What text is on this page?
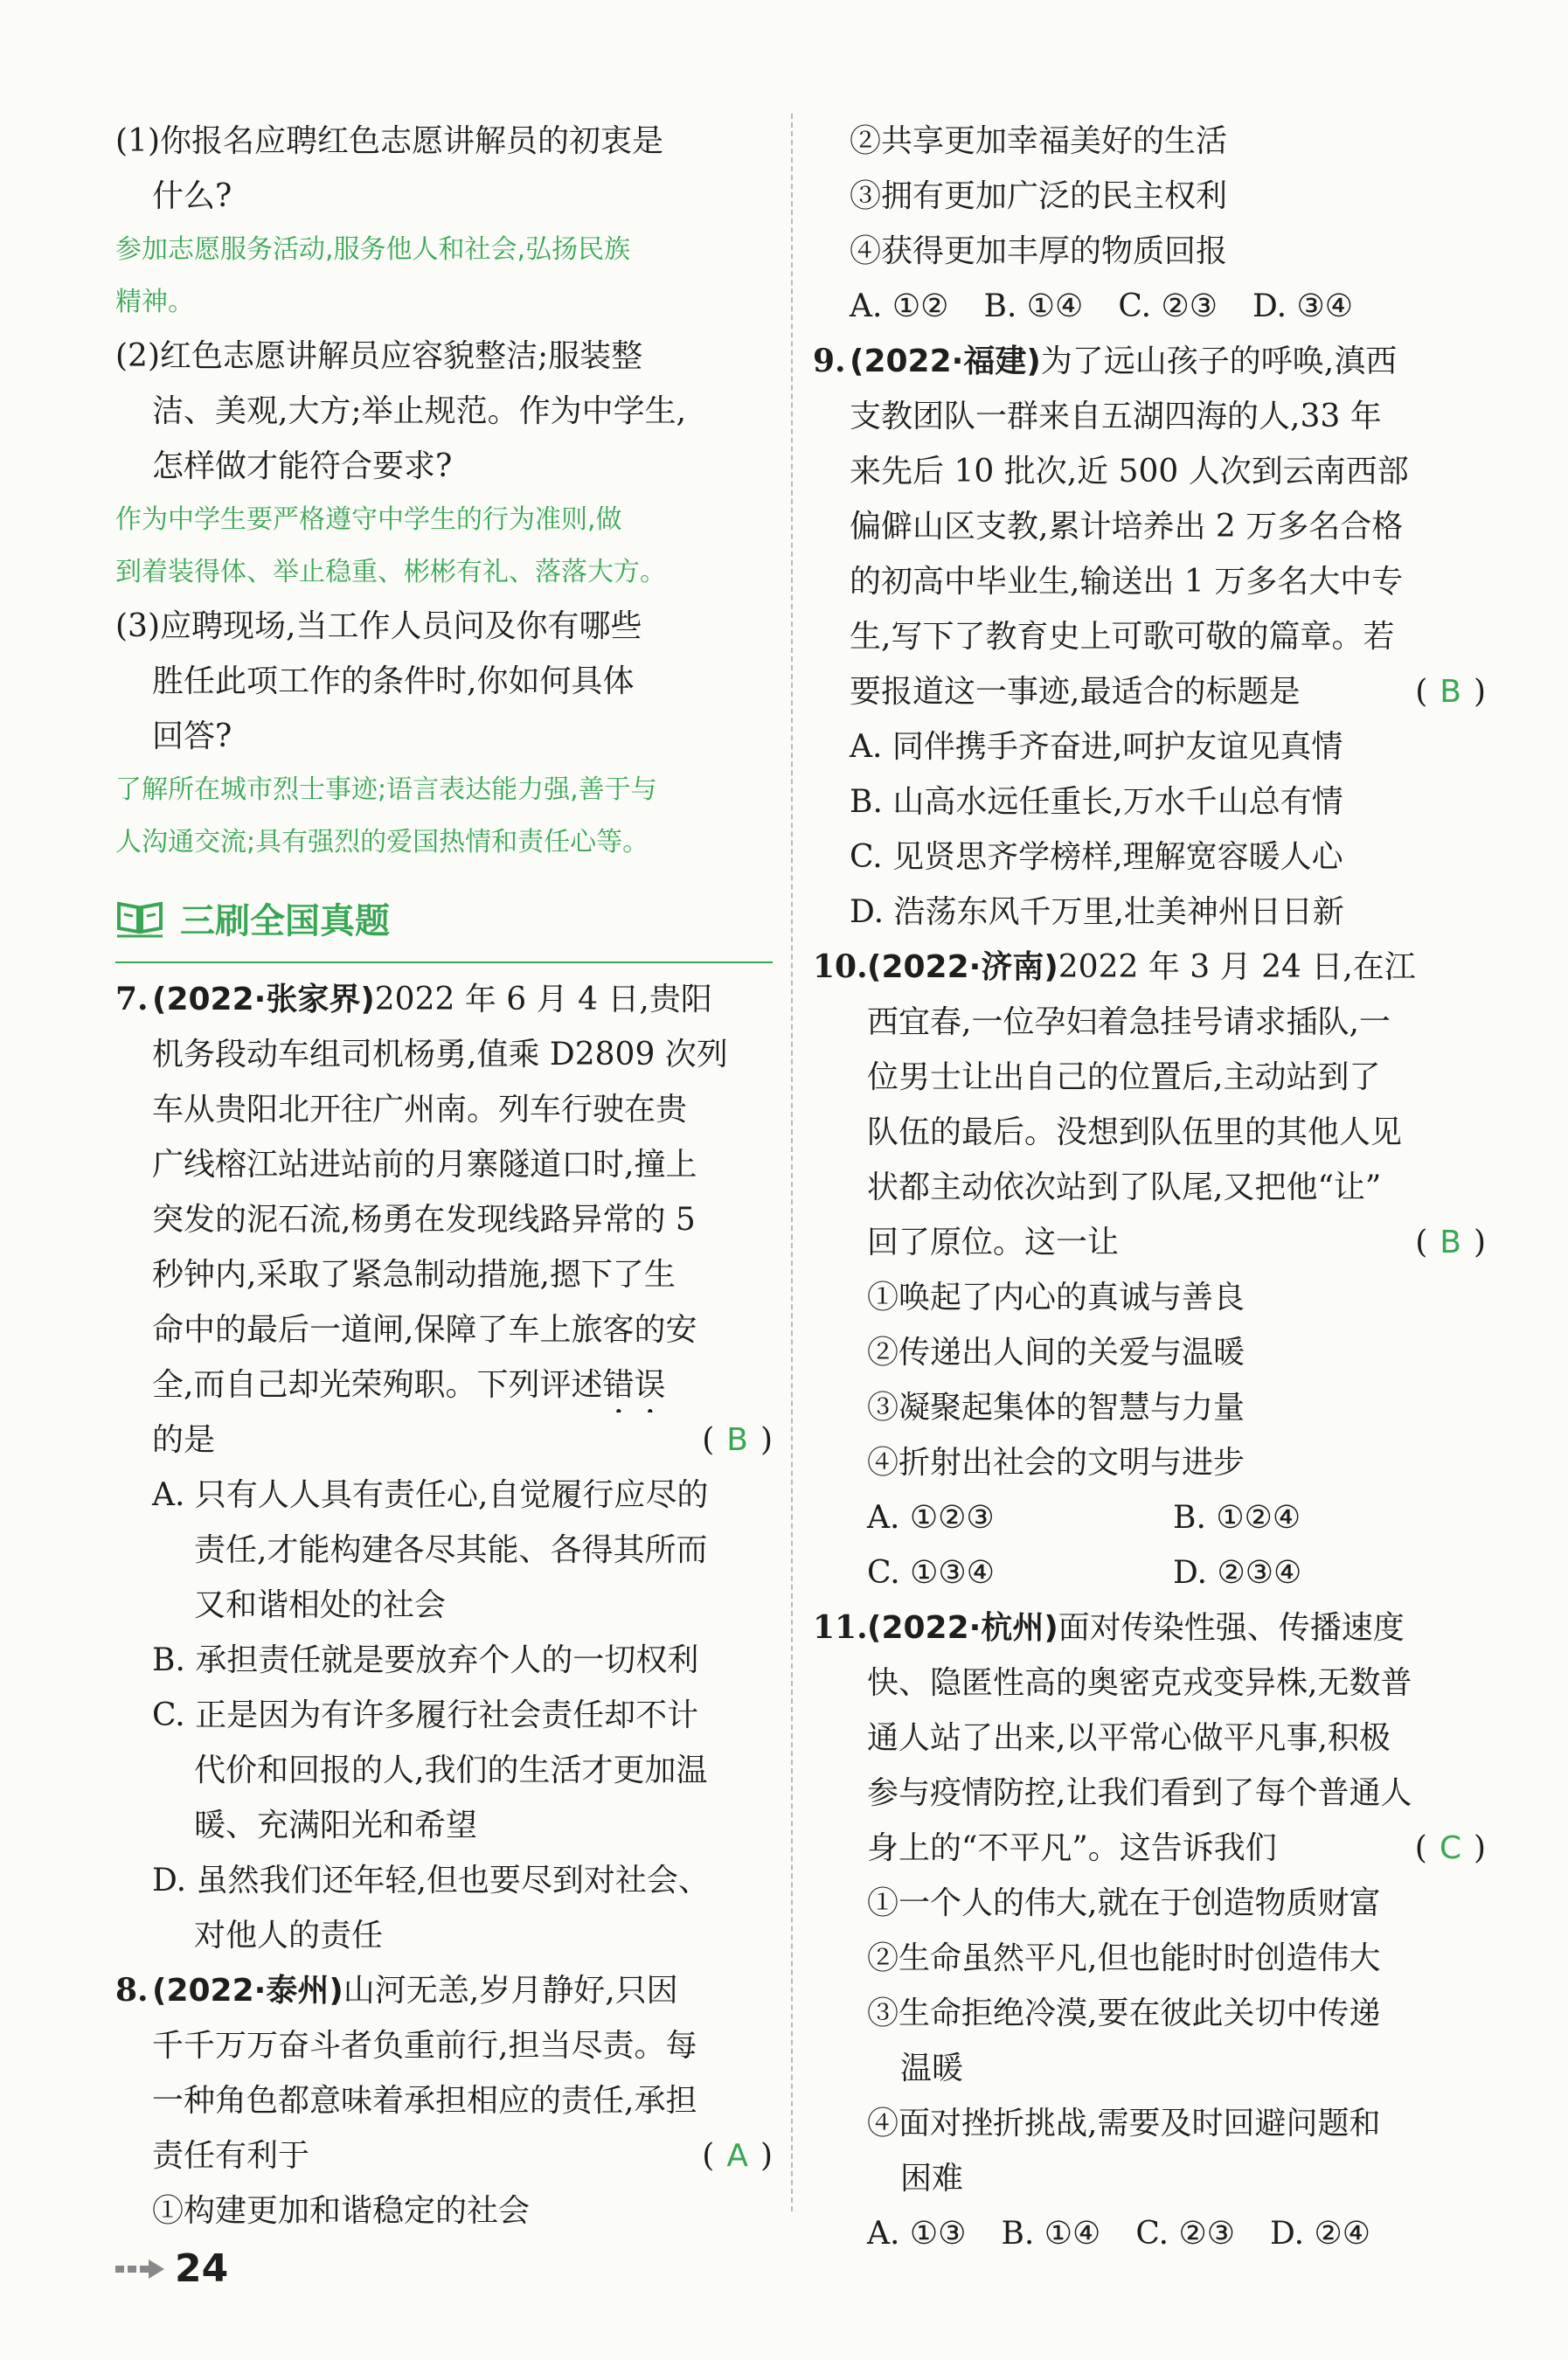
(1)你报名应聘红色志愿讲解员的初衷是
什么?
参加志愿服务活动,服务他人和社会,弘扬民族
精神。
(2)红色志愿讲解员应容貌整洁;服装整
洁、美观,大方;举止规范。作为中学生,
怎样做才能符合要求?
作为中学生要严格遵守中学生的行为准则,做
到着装得体、举止稳重、彬彬有礼、落落大方。
(3)应聘现场,当工作人员问及你有哪些
胜任此项工作的条件时,你如何具体
回答?
了解所在城市烈士事迹;语言表达能力强,善于与
人沟通交流;具有强烈的爱国热情和责任心等。
三刷全国真题
7. (2022·张家界)2022 年 6 月 4 日,贵阳
机务段动车组司机杨勇,值乘 D2809 次列
车从贵阳北开往广州南。列车行驶在贵
广线榕江站进站前的月寨隧道口时,撞上
突发的泥石流,杨勇在发现线路异常的 5
秒钟内,采取了紧急制动措施,摁下了生
命中的最后一道闸,保障了车上旅客的安
全,而自己却光荣殉职。下列评述错误
的是	( B )
A. 只有人人具有责任心,自觉履行应尽的
责任,才能构建各尽其能、各得其所而
又和谐相处的社会
B. 承担责任就是要放弃个人的一切权利
C. 正是因为有许多履行社会责任却不计
代价和回报的人,我们的生活才更加温
暖、充满阳光和希望
D. 虽然我们还年轻,但也要尽到对社会、
对他人的责任
8. (2022·泰州)山河无恙,岁月静好,只因
千千万万奋斗者负重前行,担当尽责。每
一种角色都意味着承担相应的责任,承担
责任有利于	( A )
①构建更加和谐稳定的社会
②共享更加幸福美好的生活
③拥有更加广泛的民主权利
④获得更加丰厚的物质回报
A. ①② B. ①④ C. ②③ D. ③④
9. (2022·福建)为了远山孩子的呼唤,滇西
支教团队一群来自五湖四海的人,33 年
来先后 10 批次,近 500 人次到云南西部
偏僻山区支教,累计培养出 2 万多名合格
的初高中毕业生,输送出 1 万多名大中专
生,写下了教育史上可歌可敬的篇章。若
要报道这一事迹,最适合的标题是	( B )
A. 同伴携手齐奋进,呵护友谊见真情
B. 山高水远任重长,万水千山总有情
C. 见贤思齐学榜样,理解宽容暖人心
D. 浩荡东风千万里,壮美神州日日新
10. (2022·济南)2022 年 3 月 24 日,在江
西宜春,一位孕妇着急挂号请求插队,一
位男士让出自己的位置后,主动站到了
队伍的最后。没想到队伍里的其他人见
状都主动依次站到了队尾,又把他“让”
回了原位。这一让	( B )
①唤起了内心的真诚与善良
②传递出人间的关爱与温暖
③凝聚起集体的智慧与力量
④折射出社会的文明与进步
A. ①②③	B. ①②④
C. ①③④	D. ②③④
11. (2022·杭州)面对传染性强、传播速度
快、隐匿性高的奥密克戎变异株,无数普
通人站了出来,以平常心做平凡事,积极
参与疫情防控,让我们看到了每个普通人
身上的“不平凡”。这告诉我们	( C )
①一个人的伟大,就在于创造物质财富
②生命虽然平凡,但也能时时创造伟大
③生命拒绝冷漠,要在彼此关切中传递
温暖
④面对挫折挑战,需要及时回避问题和
困难
A. ①③ B. ①④ C. ②③ D. ②④
24
